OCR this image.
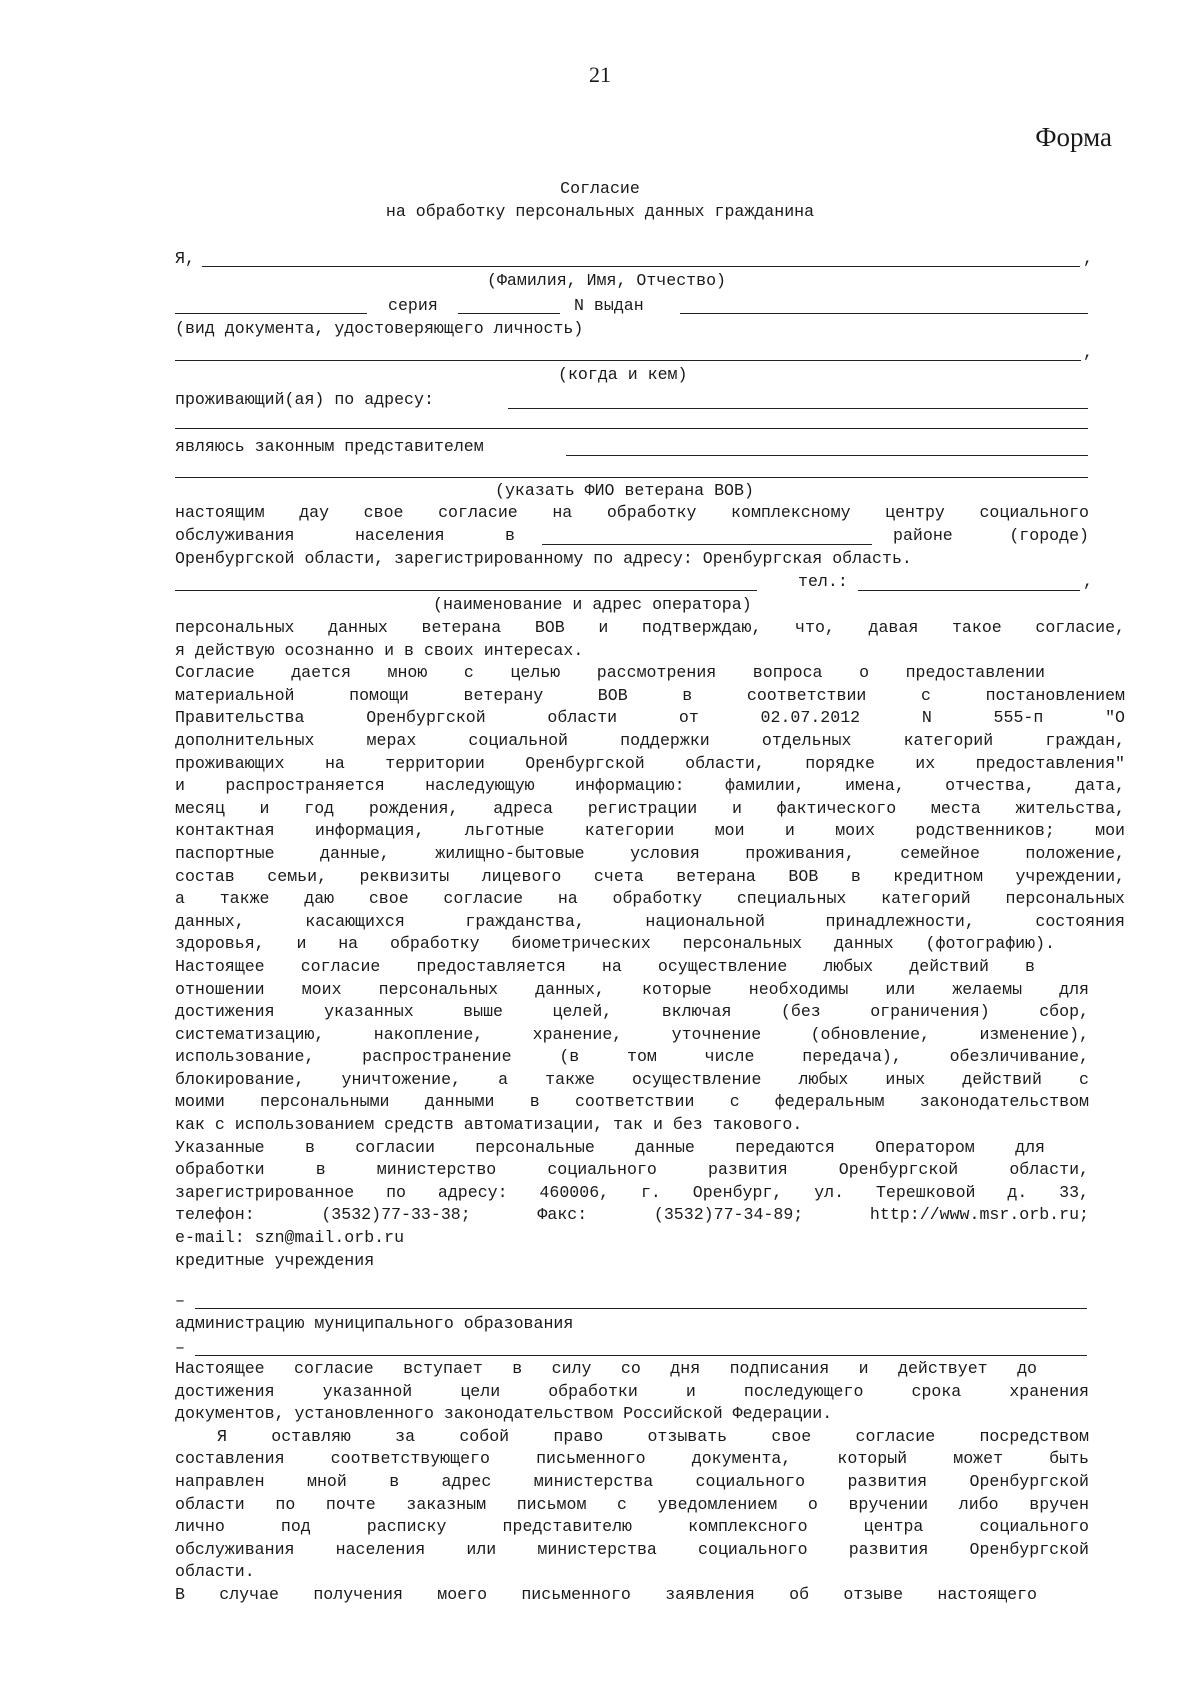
21
Форма
Согласие
на обработку персональных данных гражданина
Я,	,
(Фамилия, Имя, Отчество)
серия	N выдан
(вид документа, удостоверяющего личность)
,
(когда и кем)
проживающий(ая) по адресу:
являюсь законным представителем
(указать ФИО ветерана ВОВ)
настоящим дау свое согласие на обработку комплексному центру социального
обслуживания населения в	районе (городе)
Оренбургской области, зарегистрированному по адресу: Оренбургская область.
тел.:	,
(наименование и адрес оператора)
персональных данных ветерана ВОВ и подтверждаю, что, давая такое согласие,
я действую осознанно и в своих интересах.
Согласие дается мною с целью рассмотрения вопроса о предоставлении
материальной помощи ветерану ВОВ в соответствии с постановлением
Правительства Оренбургской области от 02.07.2012 N 555-п "О
дополнительных мерах социальной поддержки отдельных категорий граждан,
проживающих на территории Оренбургской области, порядке их предоставления"
и распространяется наследующую информацию: фамилии, имена, отчества, дата,
месяц и год рождения, адреса регистрации и фактического места жительства,
контактная информация, льготные категории мои и моих родственников; мои
паспортные данные, жилищно-бытовые условия проживания, семейное положение,
состав семьи, реквизиты лицевого счета ветерана ВОВ в кредитном учреждении,
а также даю свое согласие на обработку специальных категорий персональных
данных, касающихся гражданства, национальной принадлежности, состояния
здоровья, и на обработку биометрических персональных данных (фотографию).
Настоящее согласие предоставляется на осуществление любых действий в
отношении моих персональных данных, которые необходимы или желаемы для
достижения указанных выше целей, включая (без ограничения) сбор,
систематизацию, накопление, хранение, уточнение (обновление, изменение),
использование, распространение (в том числе передача), обезличивание,
блокирование, уничтожение, а также осуществление любых иных действий с
моими персональными данными в соответствии с федеральным законодательством
как с использованием средств автоматизации, так и без такового.
Указанные в согласии персональные данные передаются Оператором для
обработки в министерство социального развития Оренбургской области,
зарегистрированное по адресу: 460006, г. Оренбург, ул. Терешковой д. 33,
телефон: (3532)77-33-38; Факс: (3532)77-34-89; http://www.msr.orb.ru;
e-mail: szn@mail.orb.ru
кредитные учреждения
–
администрацию муниципального образования
–
Настоящее согласие вступает в силу со дня подписания и действует до
достижения указанной цели обработки и последующего срока хранения
документов, установленного законодательством Российской Федерации.
Я оставляю за собой право отзывать свое согласие посредством
составления соответствующего письменного документа, который может быть
направлен мной в адрес министерства социального развития Оренбургской
области по почте заказным письмом с уведомлением о вручении либо вручен
лично под расписку представителю комплексного центра социального
обслуживания населения или министерства социального развития Оренбургской
области.
В случае получения моего письменного заявления об отзыве настоящего
